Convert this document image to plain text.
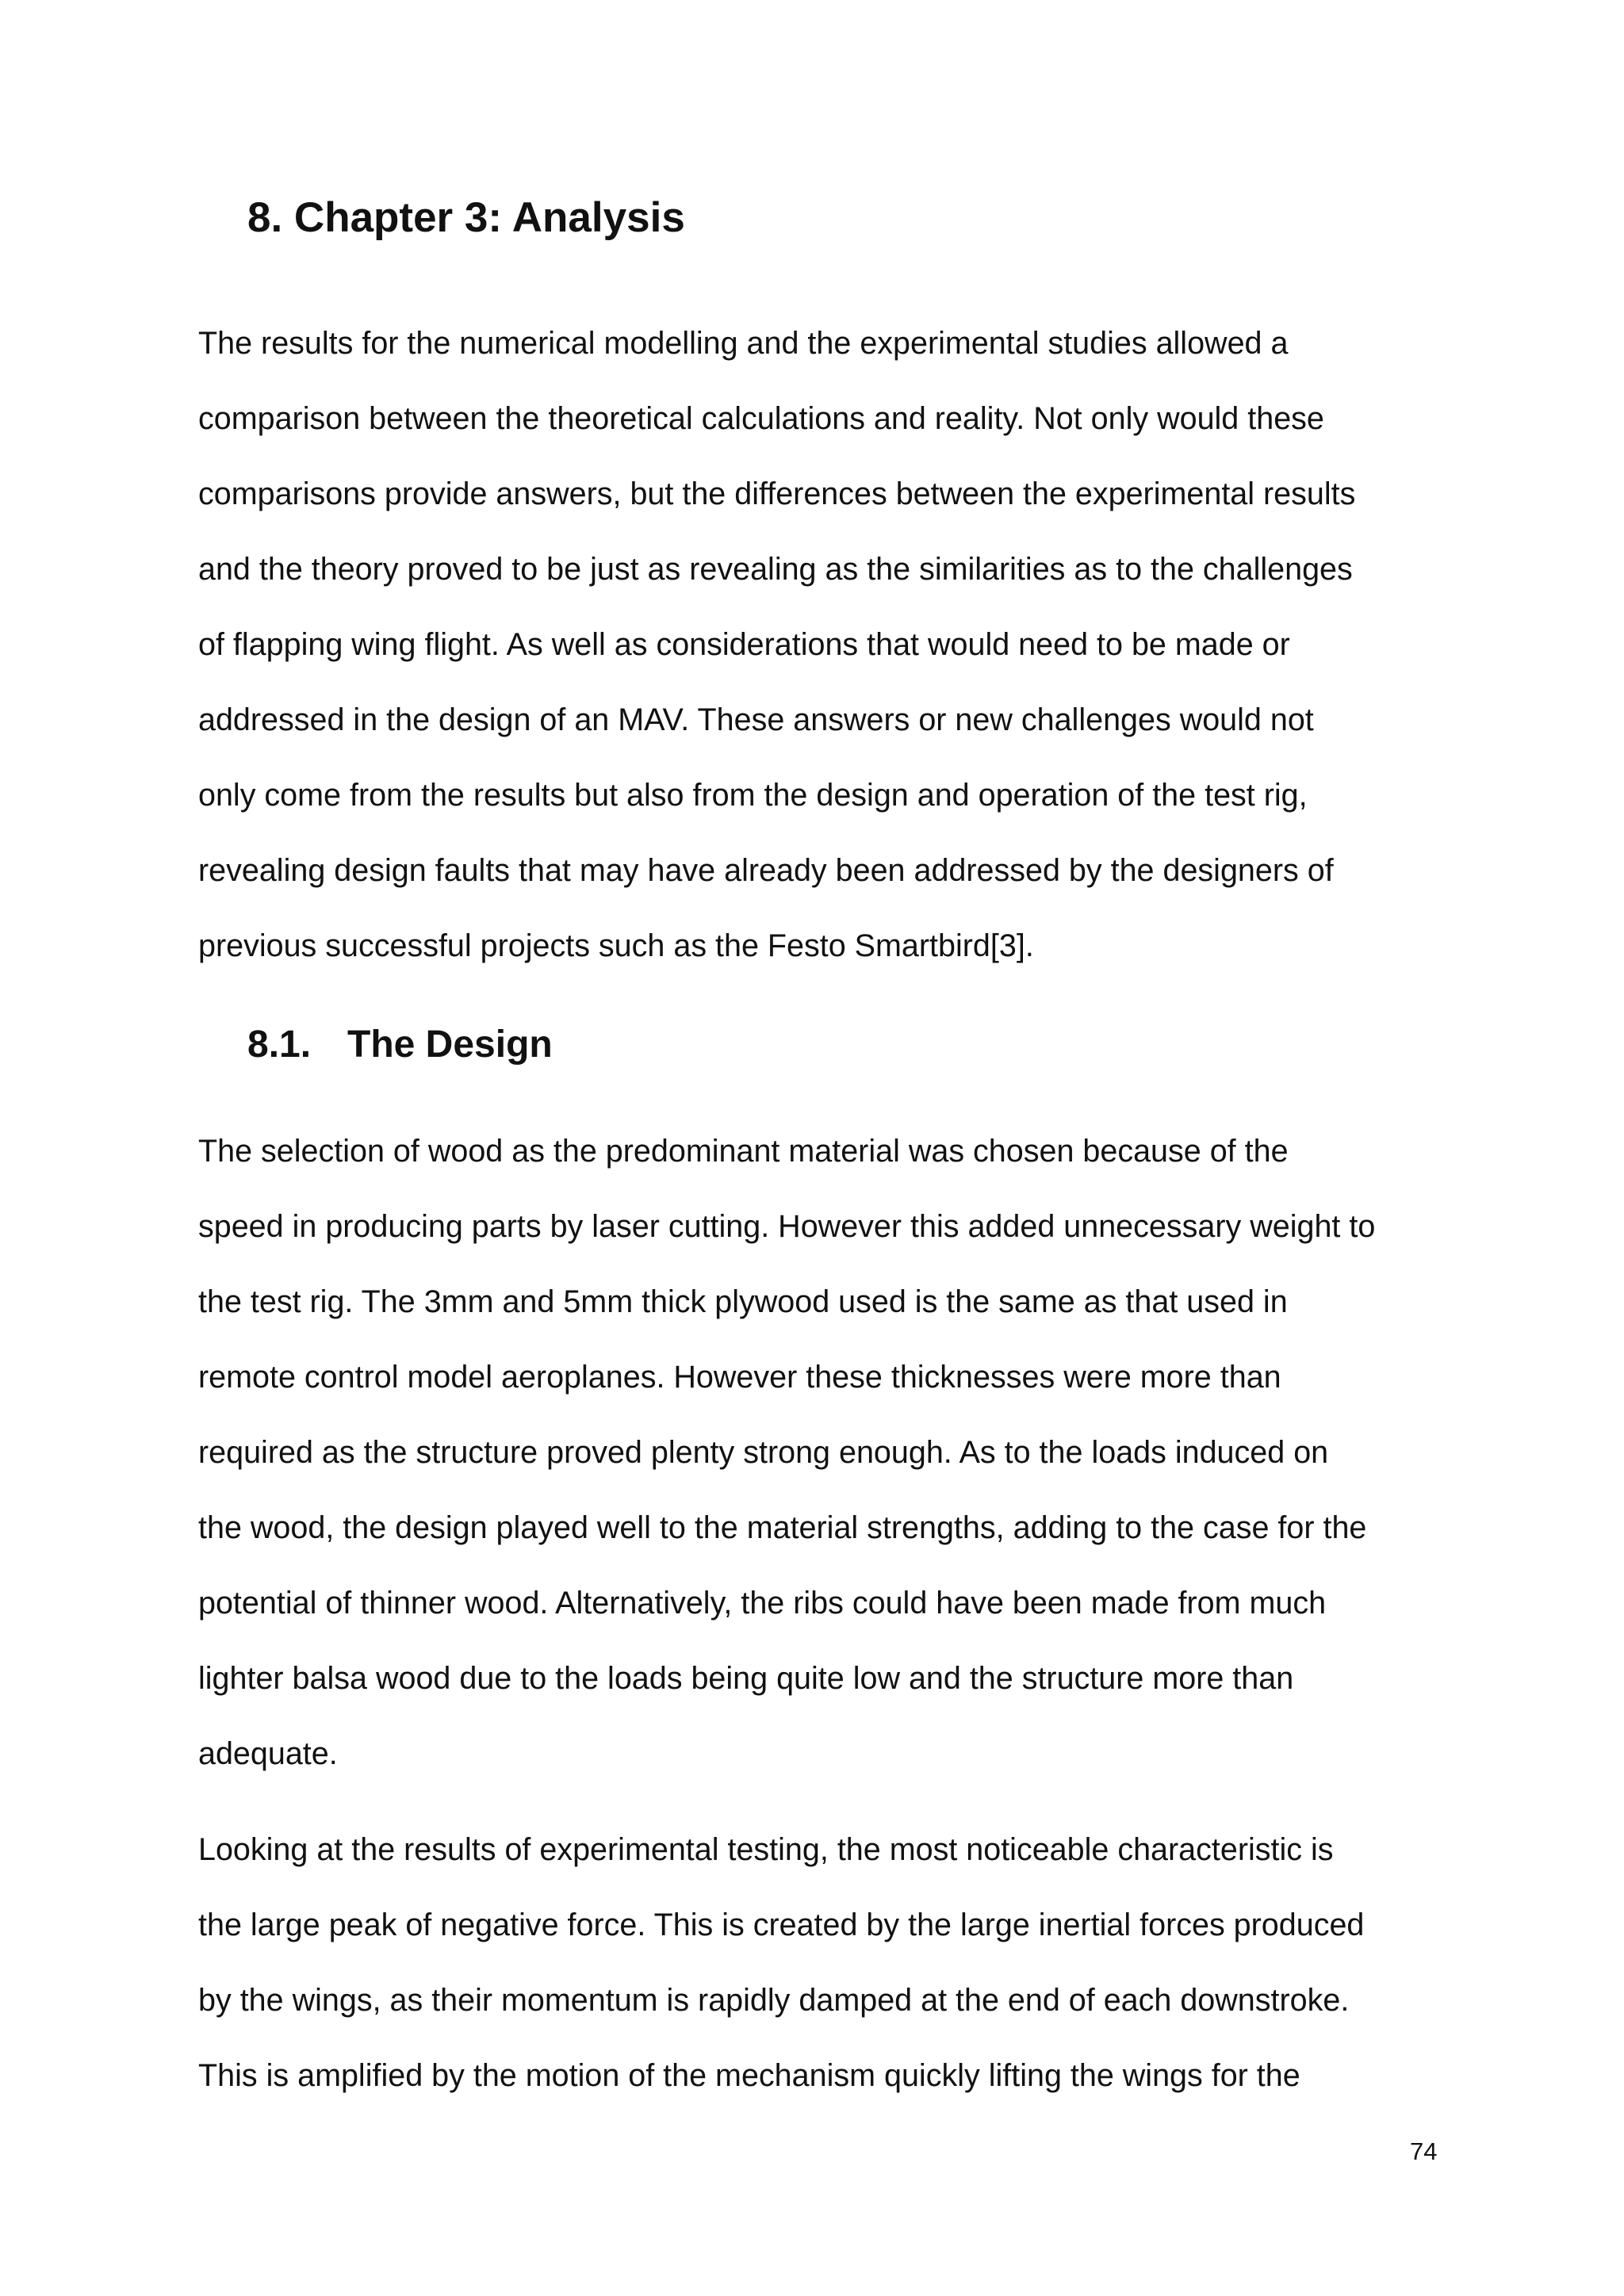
8. Chapter 3: Analysis

The results for the numerical modelling and the experimental studies allowed a

comparison between the theoretical calculations and reality. Not only would these

comparisons provide answers, but the differences between the experimental results

and the theory proved to be just as revealing as the similarities as to the challenges

of flapping wing flight. As well as considerations that would need to be made or

addressed in the design of an MAV. These answers or new challenges would not

only come from the results but also from the design and operation of the test rig,

revealing design faults that may have already been addressed by the designers of

previous successful projects such as the Festo Smartbird[3].

8.1. The Design

The selection of wood as the predominant material was chosen because of the

speed in producing parts by laser cutting. However this added unnecessary weight to

the test rig. The 3mm and 5mm thick plywood used is the same as that used in

remote control model aeroplanes. However these thicknesses were more than

required as the structure proved plenty strong enough. As to the loads induced on

the wood, the design played well to the material strengths, adding to the case for the

potential of thinner wood. Alternatively, the ribs could have been made from much

lighter balsa wood due to the loads being quite low and the structure more than

adequate.

Looking at the results of experimental testing, the most noticeable characteristic is

the large peak of negative force. This is created by the large inertial forces produced

by the wings, as their momentum is rapidly damped at the end of each downstroke.

This is amplified by the motion of the mechanism quickly lifting the wings for the

74
